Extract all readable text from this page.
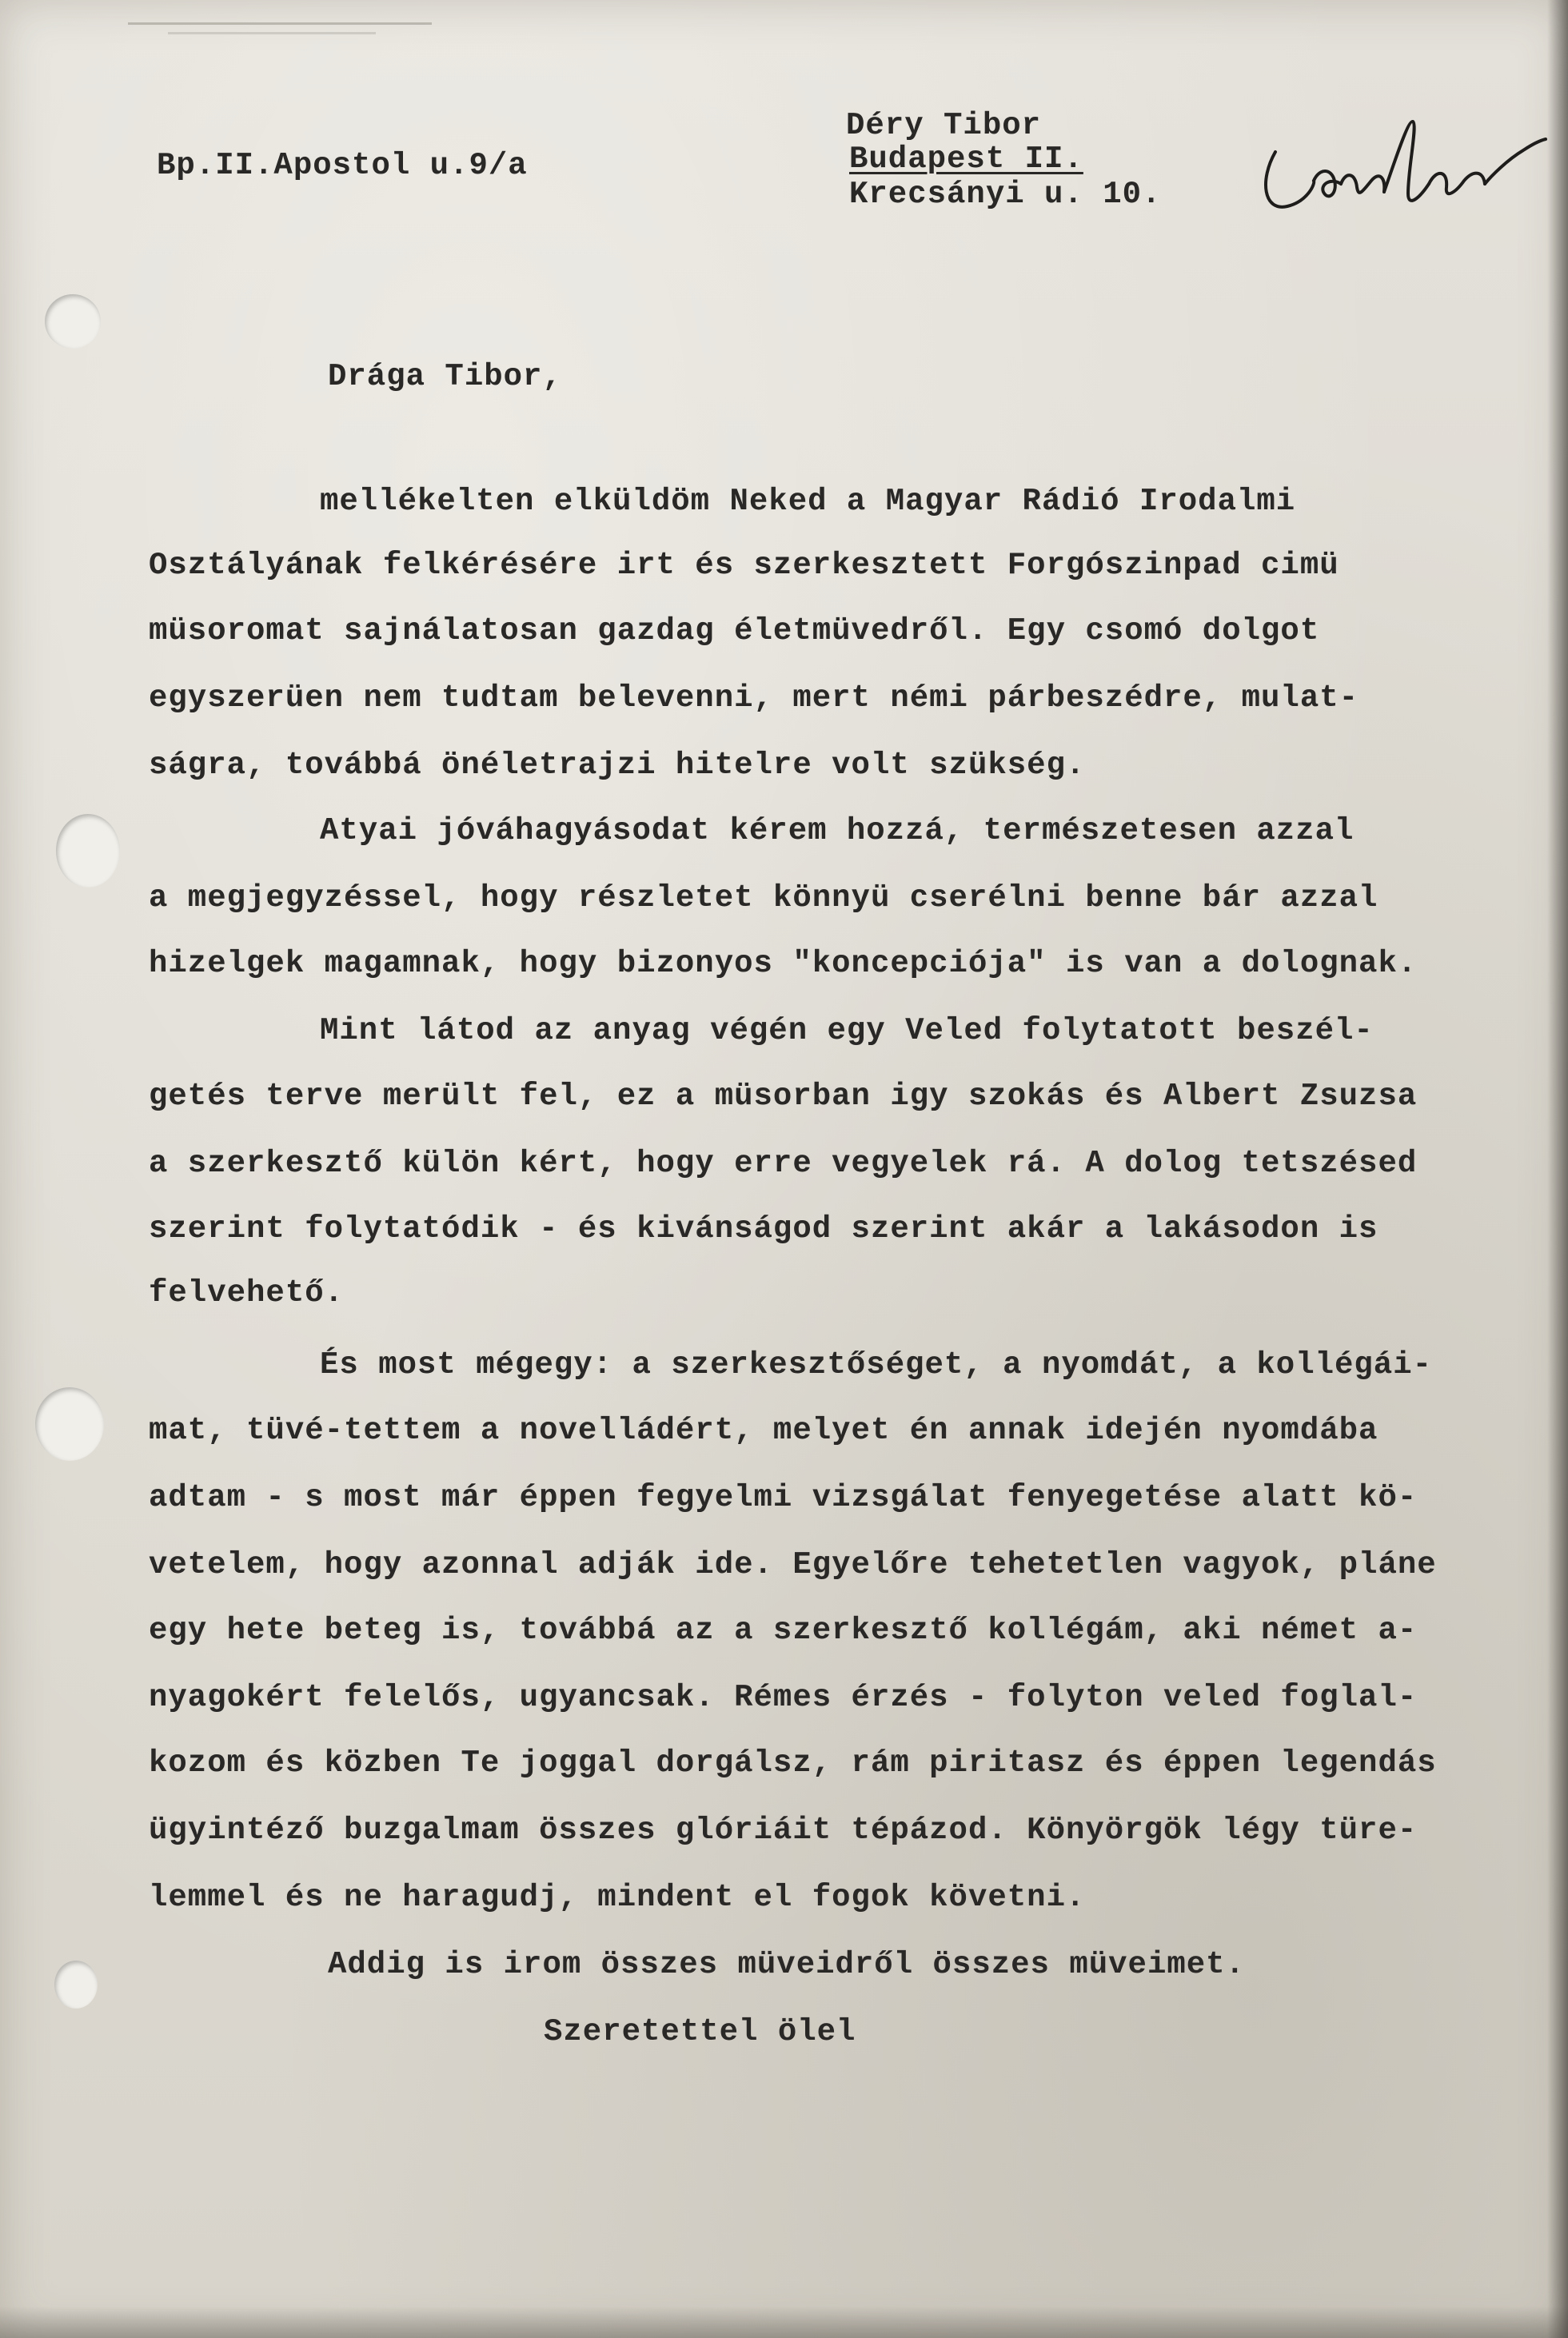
Bp.II.Apostol u.9/a
Déry Tibor
Budapest II.
Krecsányi u. 10.
Drága Tibor,
mellékelten elküldöm Neked a Magyar Rádió Irodalmi
Osztályának felkérésére irt és szerkesztett Forgószinpad cimü
müsoromat sajnálatosan gazdag életmüvedről. Egy csomó dolgot
egyszerüen nem tudtam belevenni, mert némi párbeszédre, mulat-
ságra, továbbá önéletrajzi hitelre volt szükség.
Atyai jóváhagyásodat kérem hozzá, természetesen azzal
a megjegyzéssel, hogy részletet könnyü cserélni benne bár azzal
hizelgek magamnak, hogy bizonyos "koncepciója" is van a dolognak.
Mint látod az anyag végén egy Veled folytatott beszél-
getés terve merült fel, ez a müsorban igy szokás és Albert Zsuzsa
a szerkesztő külön kért, hogy erre vegyelek rá. A dolog tetszésed
szerint folytatódik - és kivánságod szerint akár a lakásodon is
felvehető.
És most mégegy: a szerkesztőséget, a nyomdát, a kollégái-
mat, tüvé-tettem a novelládért, melyet én annak idején nyomdába
adtam - s most már éppen fegyelmi vizsgálat fenyegetése alatt kö-
vetelem, hogy azonnal adják ide. Egyelőre tehetetlen vagyok, pláne
egy hete beteg is, továbbá az a szerkesztő kollégám, aki német a-
nyagokért felelős, ugyancsak. Rémes érzés - folyton veled foglal-
kozom és közben Te joggal dorgálsz, rám piritasz és éppen legendás
ügyintéző buzgalmam összes glóriáit tépázod. Könyörgök légy türe-
lemmel és ne haragudj, mindent el fogok követni.
Addig is irom összes müveidről összes müveimet.
Szeretettel ölel
